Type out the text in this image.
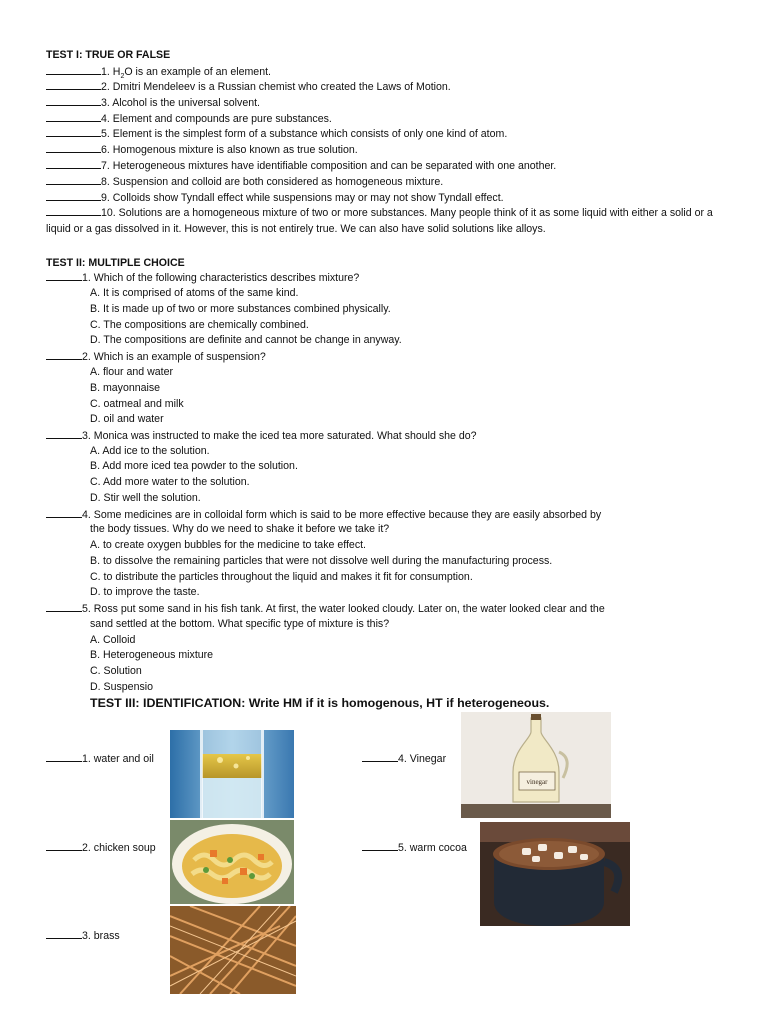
TEST I: TRUE OR FALSE
1. $H_2O$ is an example of an element.
2. Dmitri Mendeleev is a Russian chemist who created the Laws of Motion.
3. Alcohol is the universal solvent.
4. Element and compounds are pure substances.
5. Element is the simplest form of a substance which consists of only one kind of atom.
6. Homogenous mixture is also known as true solution.
7. Heterogeneous mixtures have identifiable composition and can be separated with one another.
8. Suspension and colloid are both considered as homogeneous mixture.
9. Colloids show Tyndall effect while suspensions may or may not show Tyndall effect.
10. Solutions are a homogeneous mixture of two or more substances. Many people think of it as some liquid with either a solid or a liquid or a gas dissolved in it. However, this is not entirely true. We can also have solid solutions like alloys.
TEST II: MULTIPLE CHOICE
1. Which of the following characteristics describes mixture?
A. It is comprised of atoms of the same kind.
B. It is made up of two or more substances combined physically.
C. The compositions are chemically combined.
D. The compositions are definite and cannot be change in anyway.
2. Which is an example of suspension?
A. flour and water
B. mayonnaise
C. oatmeal and milk
D. oil and water
3. Monica was instructed to make the iced tea more saturated. What should she do?
A. Add ice to the solution.
B. Add more iced tea powder to the solution.
C. Add more water to the solution.
D. Stir well the solution.
4. Some medicines are in colloidal form which is said to be more effective because they are easily absorbed by
the body tissues. Why do we need to shake it before we take it?
A. to create oxygen bubbles for the medicine to take effect.
B. to dissolve the remaining particles that were not dissolve well during the manufacturing process.
C. to distribute the particles throughout the liquid and makes it fit for consumption.
D. to improve the taste.
5. Ross put some sand in his fish tank. At first, the water looked cloudy. Later on, the water looked clear and the
sand settled at the bottom. What specific type of mixture is this?
A. Colloid
B. Heterogeneous mixture
C. Solution
D. Suspensio
TEST III: IDENTIFICATION: Write HM if it is homogenous, HT if heterogeneous.
1. water and oil
2. chicken soup
3. brass
4. Vinegar
5. warm cocoa
vinegar
